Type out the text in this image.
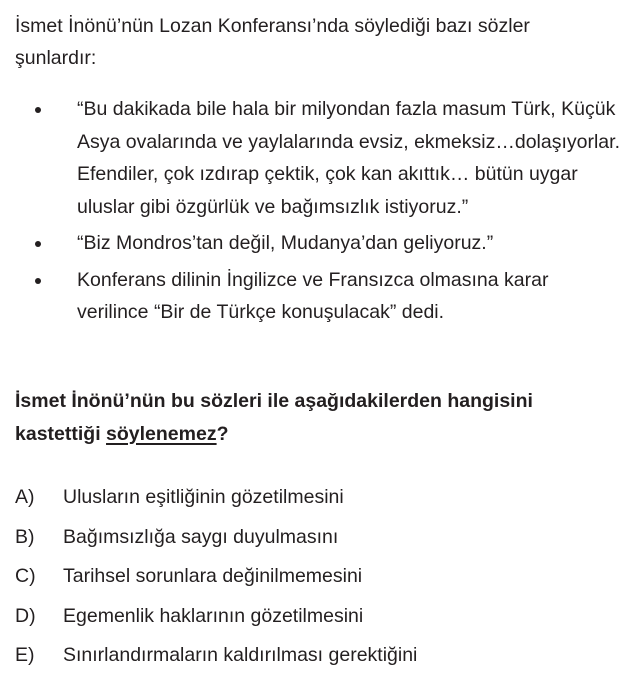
İsmet İnönü’nün Lozan Konferansı’nda söylediği bazı sözler şunlardır:

“Bu dakikada bile hala bir milyondan fazla masum Türk, Küçük Asya ovalarında ve yaylalarında evsiz, ekmeksiz…dolaşıyorlar. Efendiler, çok ızdırap çektik, çok kan akıttık… bütün uygar uluslar gibi özgürlük ve bağımsızlık istiyoruz.”
“Biz Mondros’tan değil, Mudanya’dan geliyoruz.”
Konferans dilinin İngilizce ve Fransızca olmasına karar verilince “Bir de Türkçe konuşulacak” dedi.

İsmet İnönü’nün bu sözleri ile aşağıdakilerden hangisini kastettiği söylenemez?

A) Ulusların eşitliğinin gözetilmesini
B) Bağımsızlığa saygı duyulmasını
C) Tarihsel sorunlara değinilmemesini
D) Egemenlik haklarının gözetilmesini
E) Sınırlandırmaların kaldırılması gerektiğini
